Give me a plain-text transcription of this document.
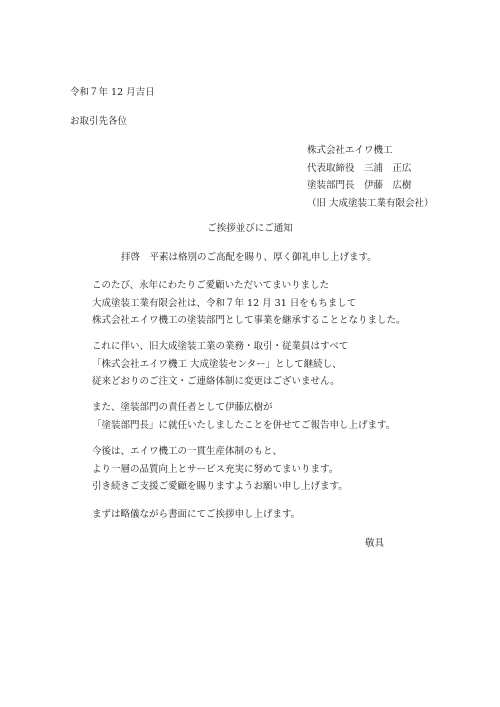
令和７年 12 月吉日
お取引先各位
株式会社エイワ機工
代表取締役　三浦　正広
塗装部門長　伊藤　広樹
（旧 大成塗装工業有限会社）
ご挨拶並びにご通知
拝啓　平素は格別のご高配を賜り、厚く御礼申し上げます。
このたび、永年にわたりご愛顧いただいてまいりました
大成塗装工業有限会社は、令和７年 12 月 31 日をもちまして
株式会社エイワ機工の塗装部門として事業を継承することとなりました。
これに伴い、旧大成塗装工業の業務・取引・従業員はすべて
「株式会社エイワ機工 大成塗装センター」として継続し、
従来どおりのご注文・ご連絡体制に変更はございません。
また、塗装部門の責任者として伊藤広樹が
「塗装部門長」に就任いたしましたことを併せてご報告申し上げます。
今後は、エイワ機工の一貫生産体制のもと、
より一層の品質向上とサービス充実に努めてまいります。
引き続きご支援ご愛顧を賜りますようお願い申し上げます。
まずは略儀ながら書面にてご挨拶申し上げます。
敬具
